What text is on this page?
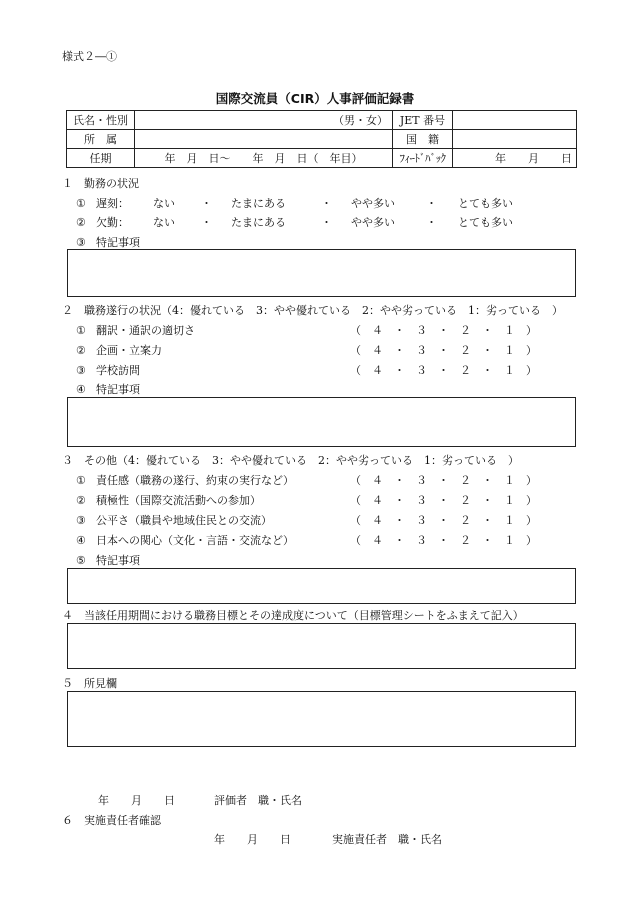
様式２―①
国際交流員（CIR）人事評価記録書
氏名・性別	（男・女）	JET 番号	
所　属		国　籍	
任期	年　月　日～　　年　月　日（　年目）	ﾌｨｰﾄﾞﾊﾞｯｸ	年　　月　　日
１　勤務の状況
① 遅刻： ない ・ たまにある	・ やや多い	・ とても多い
② 欠勤： ない ・ たまにある	・ やや多い	・ とても多い
③ 特記事項
２　職務遂行の状況（4：優れている　3：やや優れている　2：やや劣っている　1：劣っている　）
① 翻訳・通訳の適切さ	（　４　・　３　・　２　・　１　）
② 企画・立案力	（　４　・　３　・　２　・　１　）
③ 学校訪問	（　４　・　３　・　２　・　１　）
④ 特記事項
３　その他（4：優れている　3：やや優れている　2：やや劣っている　1：劣っている　）
① 責任感（職務の遂行、約束の実行など）	（　４　・　３　・　２　・　１　）
② 積極性（国際交流活動への参加）	（　４　・　３　・　２　・　１　）
③ 公平さ（職員や地域住民との交流）	（　４　・　３　・　２　・　１　）
④ 日本への関心（文化・言語・交流など）	（　４　・　３　・　２　・　１　）
⑤ 特記事項
４　当該任用期間における職務目標とその達成度について（目標管理シートをふまえて記入）
５　所見欄
年　　月　　日	評価者　職・氏名
６　実施責任者確認
年　　月　　日	実施責任者　職・氏名
